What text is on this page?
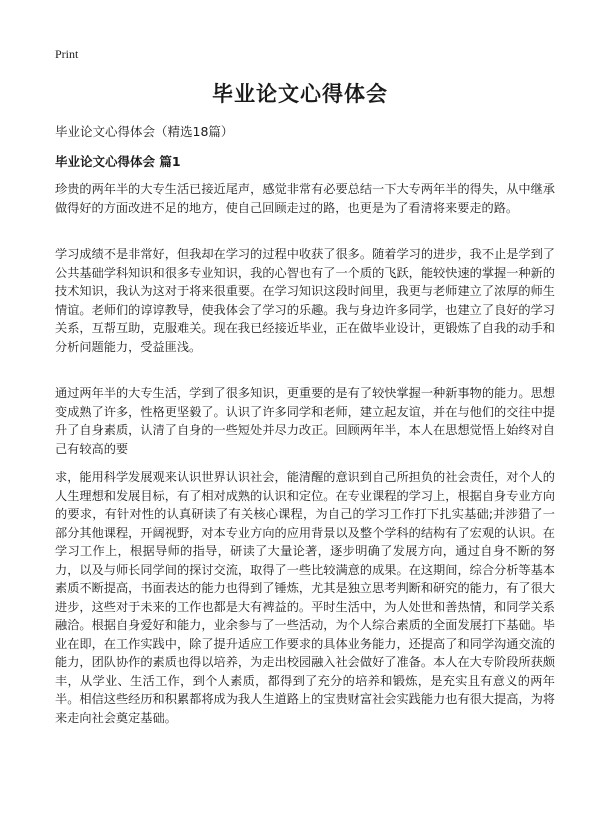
Print
毕业论文心得体会
毕业论文心得体会（精选18篇）
毕业论文心得体会 篇1

珍贵的两年半的大专生活已接近尾声，感觉非常有必要总结一下大专两年半的得失，从中继承做得好的方面改进不足的地方，使自己回顾走过的路，也更是为了看清将来要走的路。

学习成绩不是非常好，但我却在学习的过程中收获了很多。随着学习的进步，我不止是学到了公共基础学科知识和很多专业知识，我的心智也有了一个质的飞跃，能较快速的掌握一种新的技术知识，我认为这对于将来很重要。在学习知识这段时间里，我更与老师建立了浓厚的师生情谊。老师们的谆谆教导，使我体会了学习的乐趣。我与身边许多同学，也建立了良好的学习关系，互帮互助，克服难关。现在我已经接近毕业，正在做毕业设计，更锻炼了自我的动手和分析问题能力，受益匪浅。

通过两年半的大专生活，学到了很多知识，更重要的是有了较快掌握一种新事物的能力。思想变成熟了许多，性格更坚毅了。认识了许多同学和老师，建立起友谊，并在与他们的交往中提升了自身素质，认清了自身的一些短处并尽力改正。回顾两年半，本人在思想觉悟上始终对自己有较高的要

求，能用科学发展观来认识世界认识社会，能清醒的意识到自己所担负的社会责任，对个人的人生理想和发展目标，有了相对成熟的认识和定位。在专业课程的学习上，根据自身专业方向的要求，有针对性的认真研读了有关核心课程，为自己的学习工作打下扎实基础;并涉猎了一部分其他课程，开阔视野，对本专业方向的应用背景以及整个学科的结构有了宏观的认识。在学习工作上，根据导师的指导，研读了大量论著，逐步明确了发展方向，通过自身不断的努力，以及与师长同学间的探讨交流，取得了一些比较满意的成果。在这期间，综合分析等基本素质不断提高，书面表达的能力也得到了锤炼，尤其是独立思考判断和研究的能力，有了很大进步，这些对于未来的工作也都是大有裨益的。平时生活中，为人处世和善热情，和同学关系融洽。根据自身爱好和能力，业余参与了一些活动，为个人综合素质的全面发展打下基础。毕业在即，在工作实践中，除了提升适应工作要求的具体业务能力，还提高了和同学沟通交流的能力，团队协作的素质也得以培养，为走出校园融入社会做好了准备。本人在大专阶段所获颇丰，从学业、生活工作，到个人素质，都得到了充分的培养和锻炼，是充实且有意义的两年半。相信这些经历和积累都将成为我人生道路上的宝贵财富社会实践能力也有很大提高，为将来走向社会奠定基础。
